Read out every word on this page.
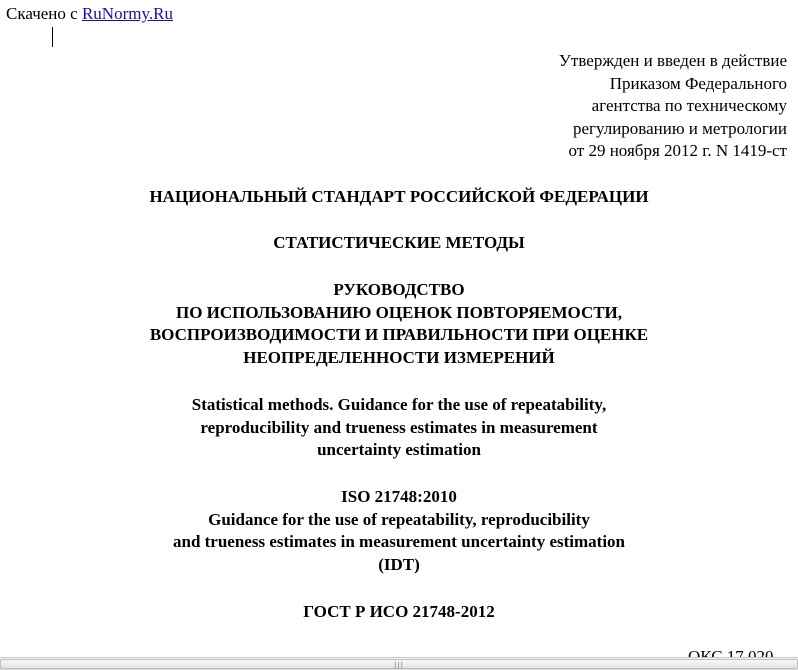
Скачено с RuNormy.Ru
Утвержден и введен в действие
Приказом Федерального
агентства по техническому
регулированию и метрологии
от 29 ноября 2012 г. N 1419-ст
НАЦИОНАЛЬНЫЙ СТАНДАРТ РОССИЙСКОЙ ФЕДЕРАЦИИ
СТАТИСТИЧЕСКИЕ МЕТОДЫ
РУКОВОДСТВО
ПО ИСПОЛЬЗОВАНИЮ ОЦЕНОК ПОВТОРЯЕМОСТИ,
ВОСПРОИЗВОДИМОСТИ И ПРАВИЛЬНОСТИ ПРИ ОЦЕНКЕ
НЕОПРЕДЕЛЕННОСТИ ИЗМЕРЕНИЙ
Statistical methods. Guidance for the use of repeatability,
reproducibility and trueness estimates in measurement
uncertainty estimation
ISO 21748:2010
Guidance for the use of repeatability, reproducibility
and trueness estimates in measurement uncertainty estimation
(IDT)
ГОСТ Р ИСО 21748-2012
|||
